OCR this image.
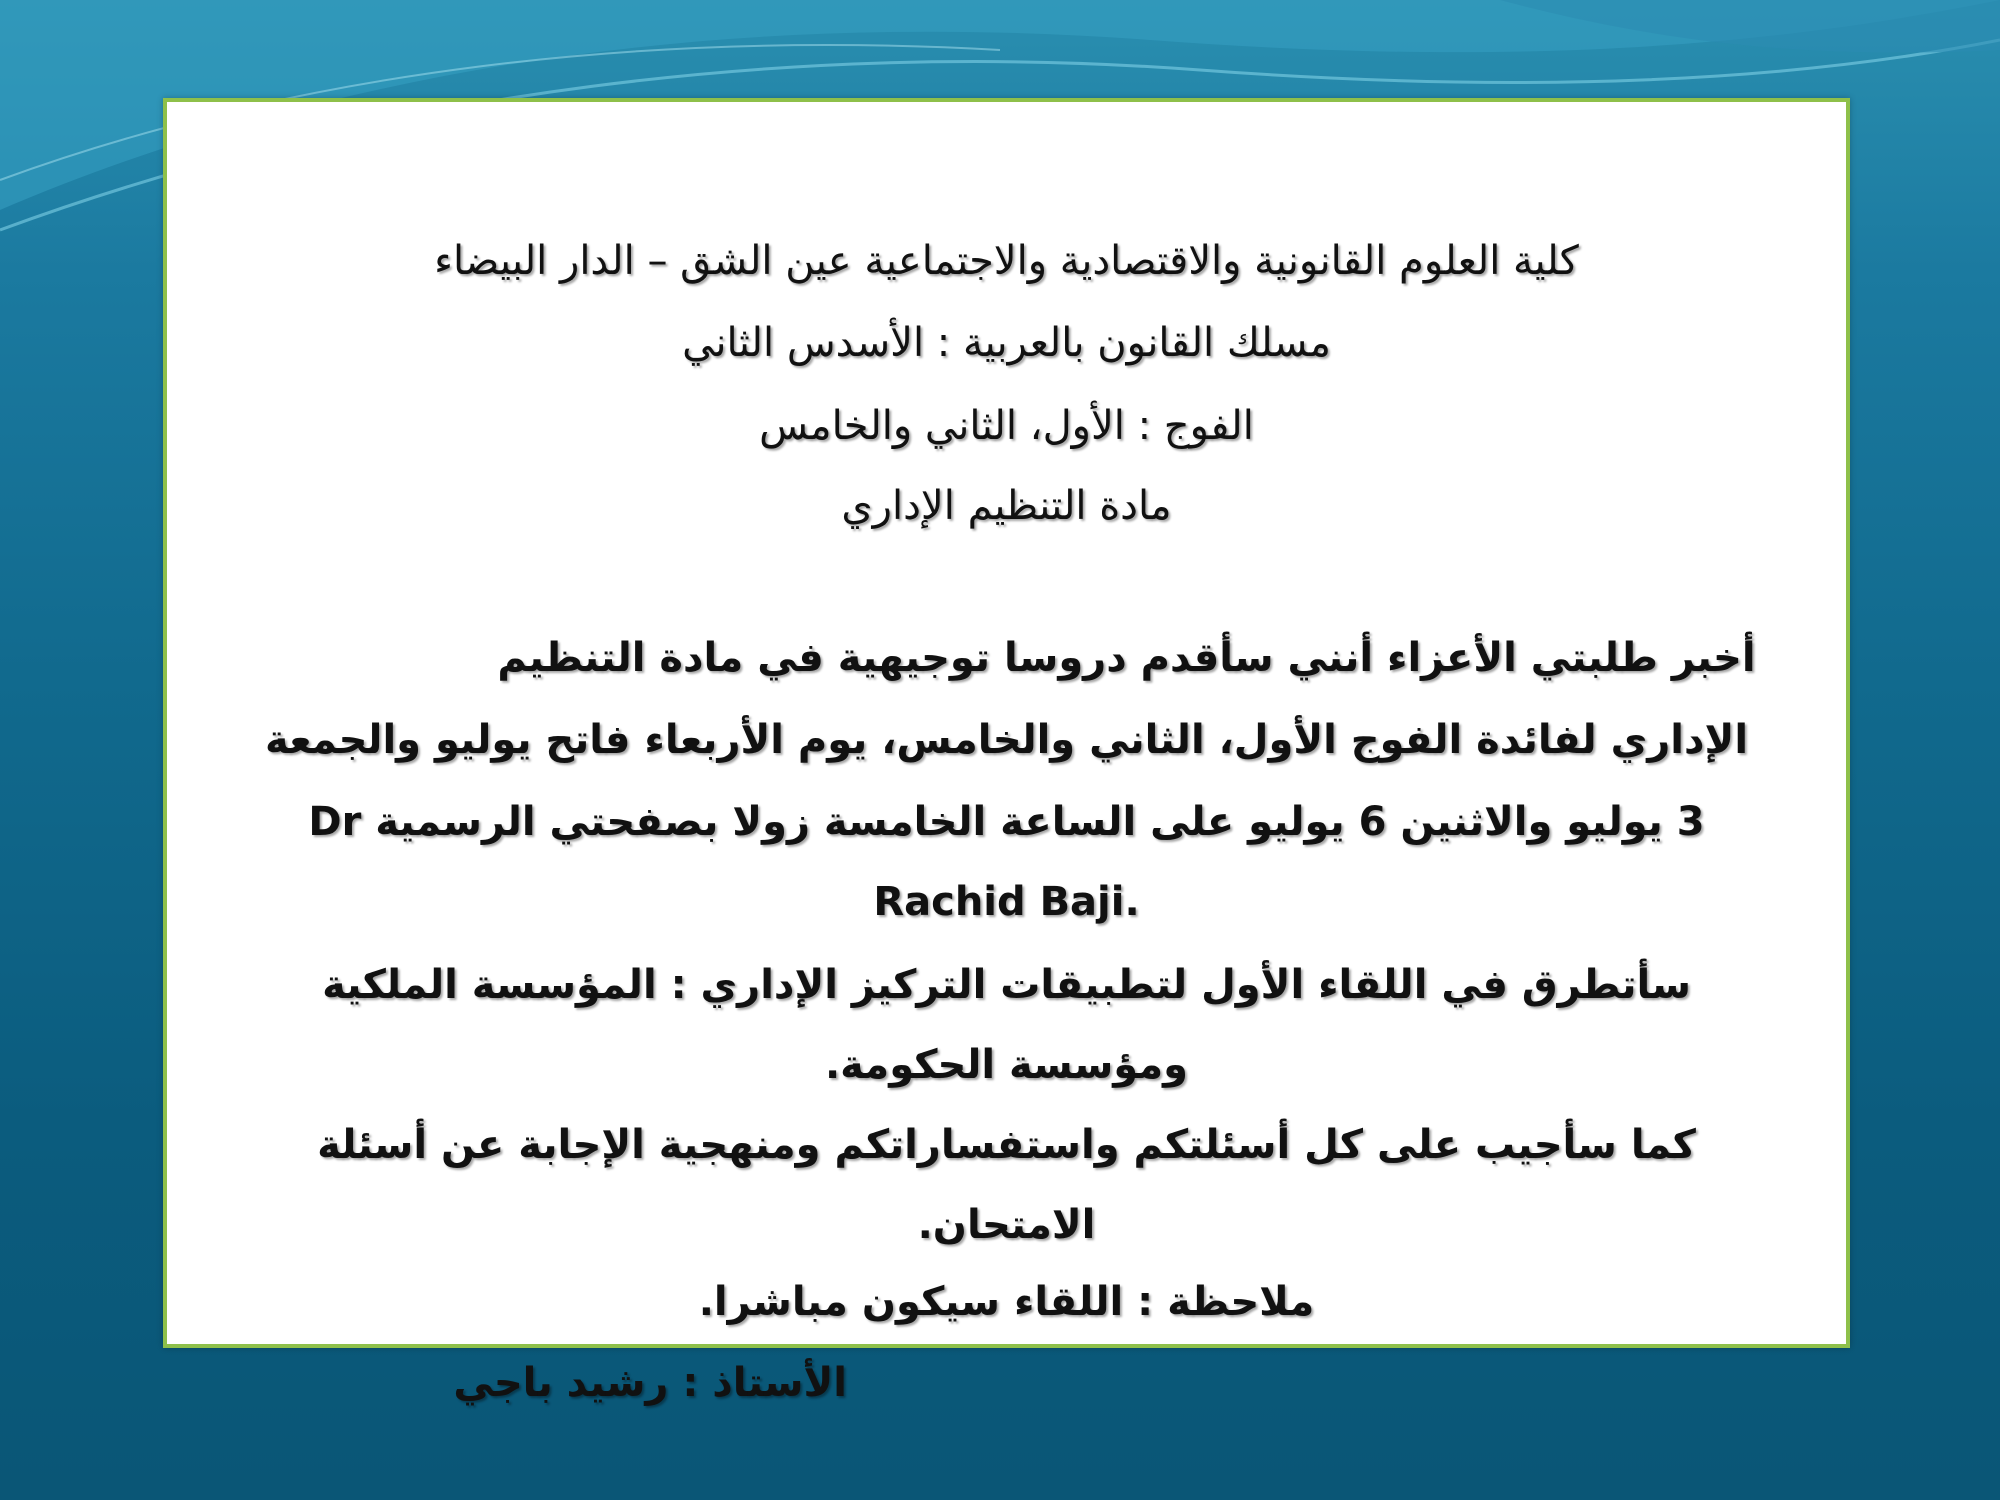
كلية العلوم القانونية والاقتصادية والاجتماعية عين الشق – الدار البيضاء
مسلك القانون بالعربية : الأسدس الثاني
الفوج : الأول، الثاني والخامس
مادة التنظيم الإداري
أخبر طلبتي الأعزاء أنني سأقدم دروسا توجيهية في مادة التنظيم
الإداري لفائدة الفوج الأول، الثاني والخامس، يوم الأربعاء فاتح يوليو والجمعة
3 يوليو والاثنين 6 يوليو على الساعة الخامسة زولا بصفحتي الرسمية Dr
.Rachid Baji
سأتطرق في اللقاء الأول لتطبيقات التركيز الإداري : المؤسسة الملكية
ومؤسسة الحكومة.
كما سأجيب على كل أسئلتكم واستفساراتكم ومنهجية الإجابة عن أسئلة
الامتحان.
ملاحظة : اللقاء سيكون مباشرا.
الأستاذ : رشيد باجي
